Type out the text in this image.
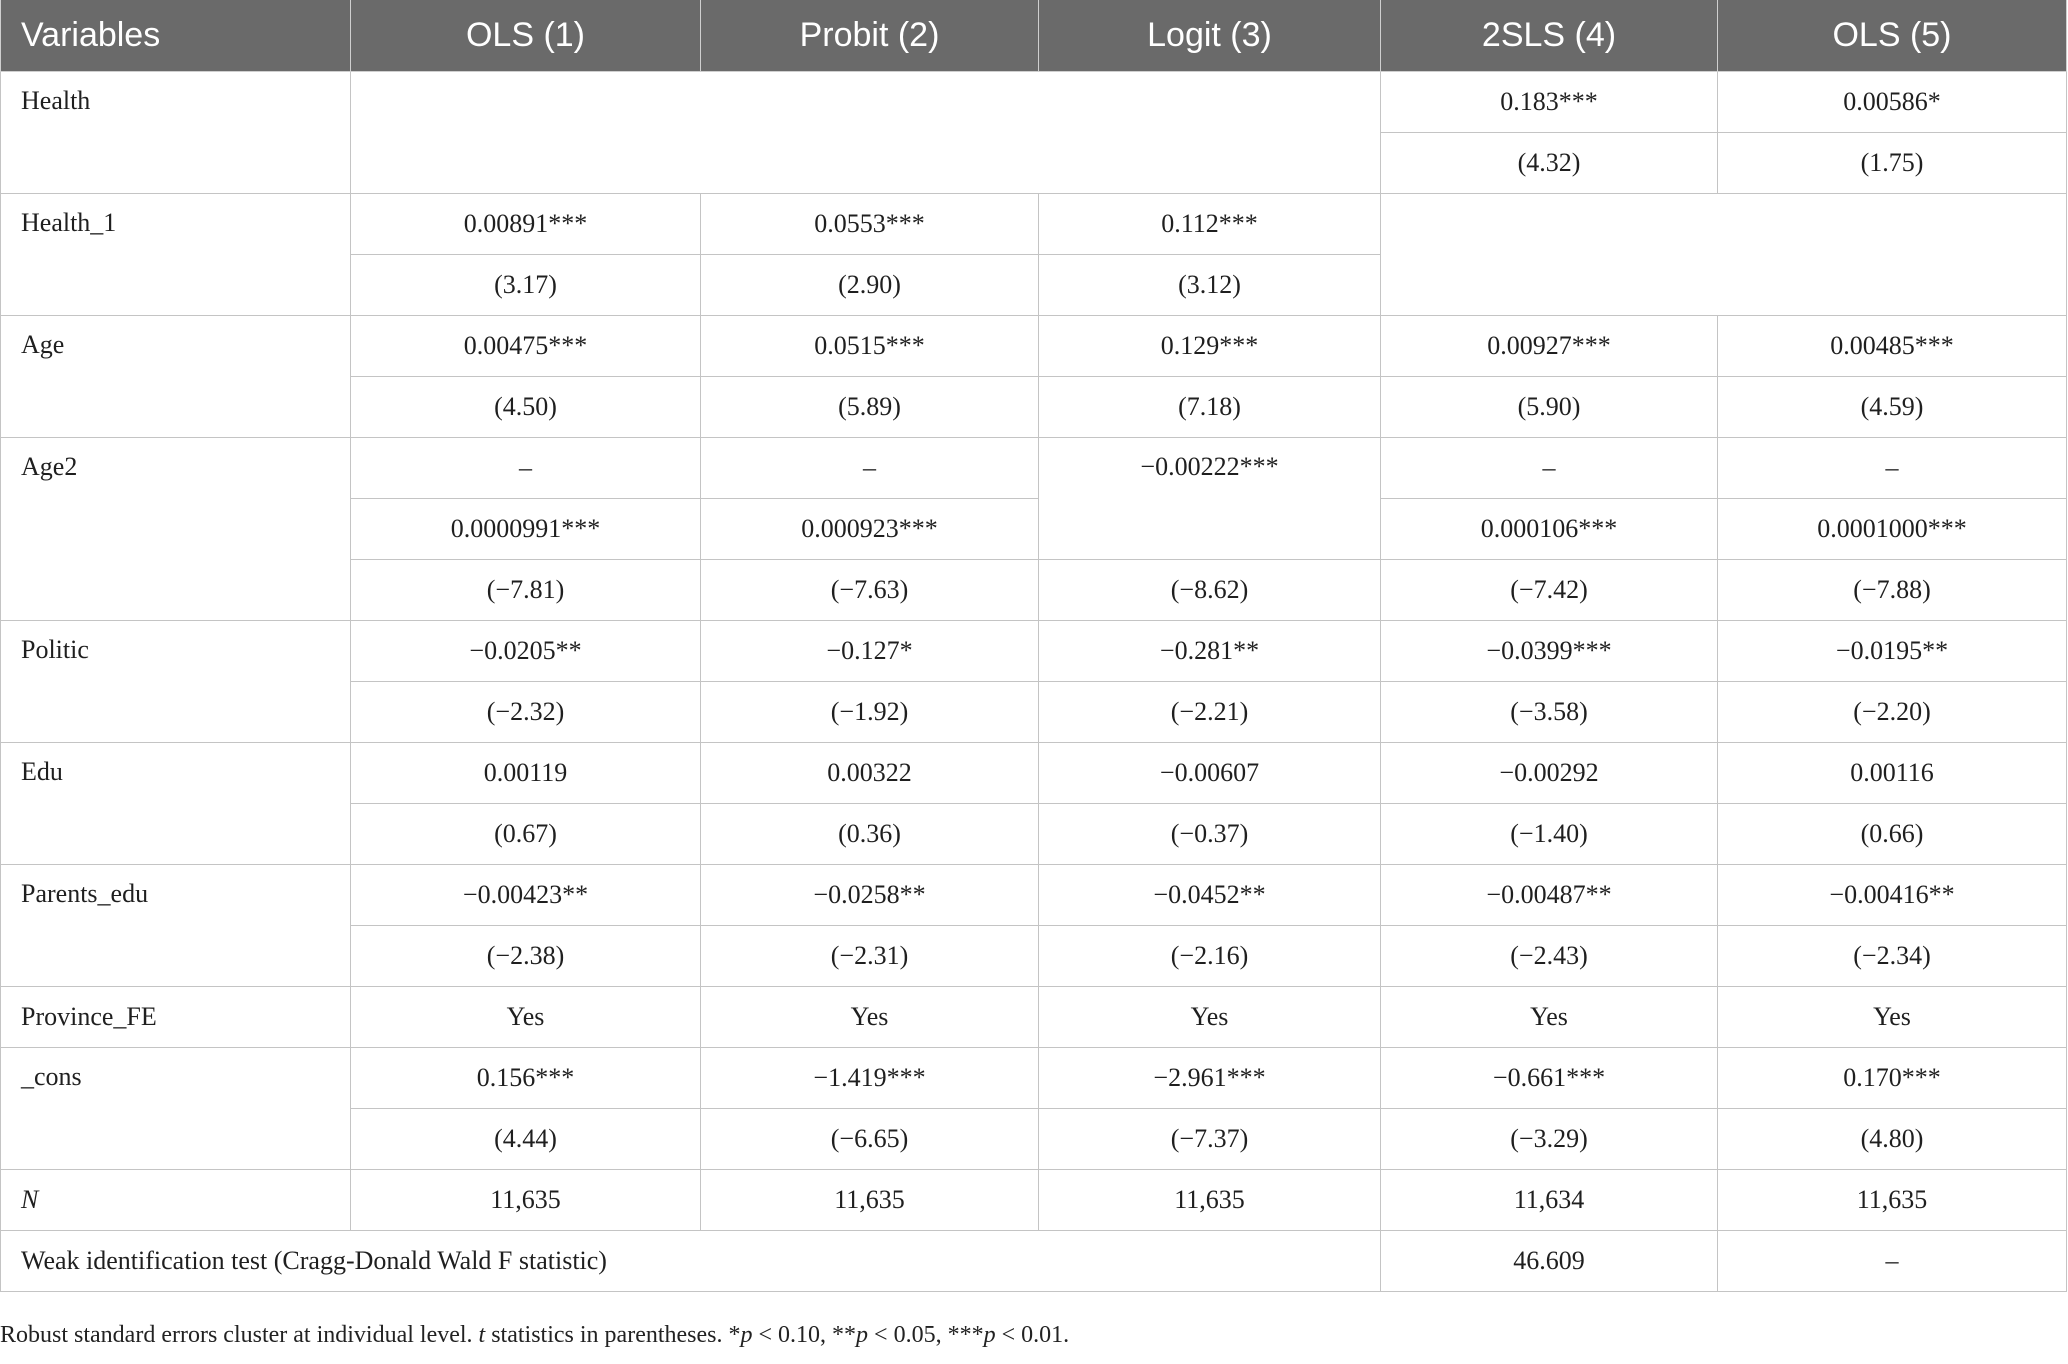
Variables	OLS (1)	Probit (2)	Logit (3)	2SLS (4)	OLS (5)
Health				0.183***	0.00586*
				(4.32)	(1.75)
Health_1	0.00891***	0.0553***	0.112***		
	(3.17)	(2.90)	(3.12)		
Age	0.00475***	0.0515***	0.129***	0.00927***	0.00485***
	(4.50)	(5.89)	(7.18)	(5.90)	(4.59)
Age2	–	–	−0.00222***	–	–
	0.0000991***	0.000923***		0.000106***	0.0001000***
	(−7.81)	(−7.63)	(−8.62)	(−7.42)	(−7.88)
Politic	−0.0205**	−0.127*	−0.281**	−0.0399***	−0.0195**
	(−2.32)	(−1.92)	(−2.21)	(−3.58)	(−2.20)
Edu	0.00119	0.00322	−0.00607	−0.00292	0.00116
	(0.67)	(0.36)	(−0.37)	(−1.40)	(0.66)
Parents_edu	−0.00423**	−0.0258**	−0.0452**	−0.00487**	−0.00416**
	(−2.38)	(−2.31)	(−2.16)	(−2.43)	(−2.34)
Province_FE	Yes	Yes	Yes	Yes	Yes
_cons	0.156***	−1.419***	−2.961***	−0.661***	0.170***
	(4.44)	(−6.65)	(−7.37)	(−3.29)	(4.80)
N	11,635	11,635	11,635	11,634	11,635
Weak identification test (Cragg-Donald Wald F statistic)				46.609	–
Robust standard errors cluster at individual level. t statistics in parentheses. *p < 0.10, **p < 0.05, ***p < 0.01.
